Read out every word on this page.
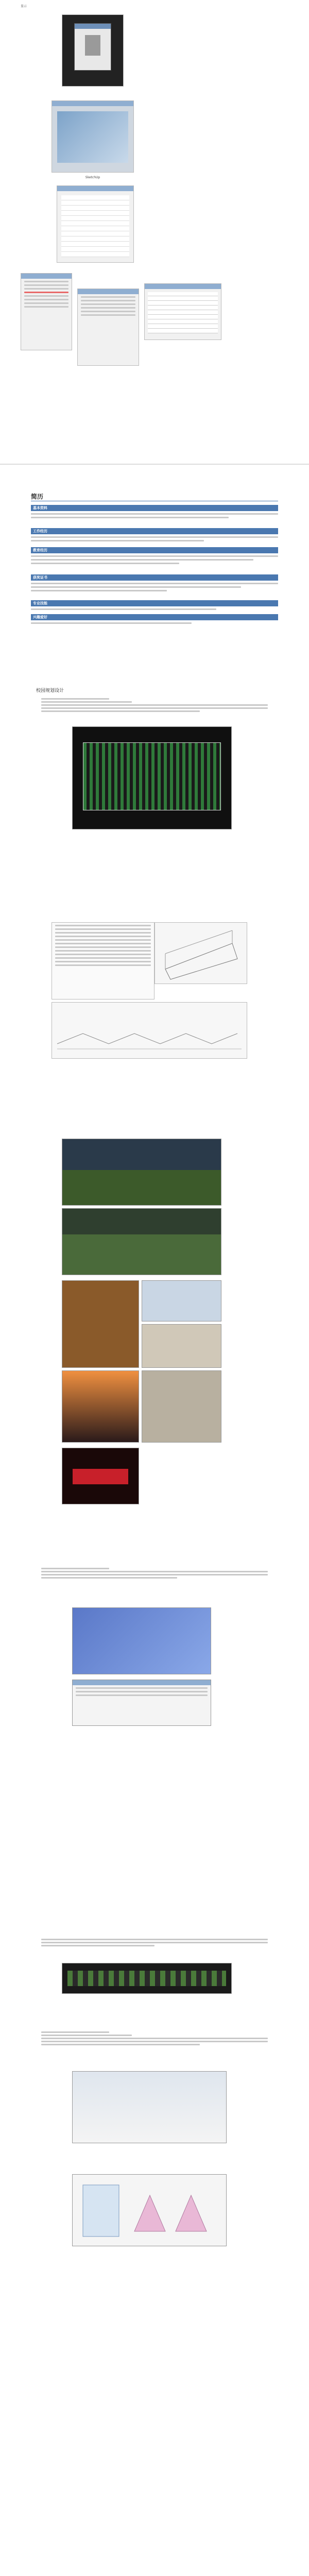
显示
SketchUp
简历
基本资料
工作经历
教育经历
获奖证书
专业技能
兴趣爱好
校园规划设计
